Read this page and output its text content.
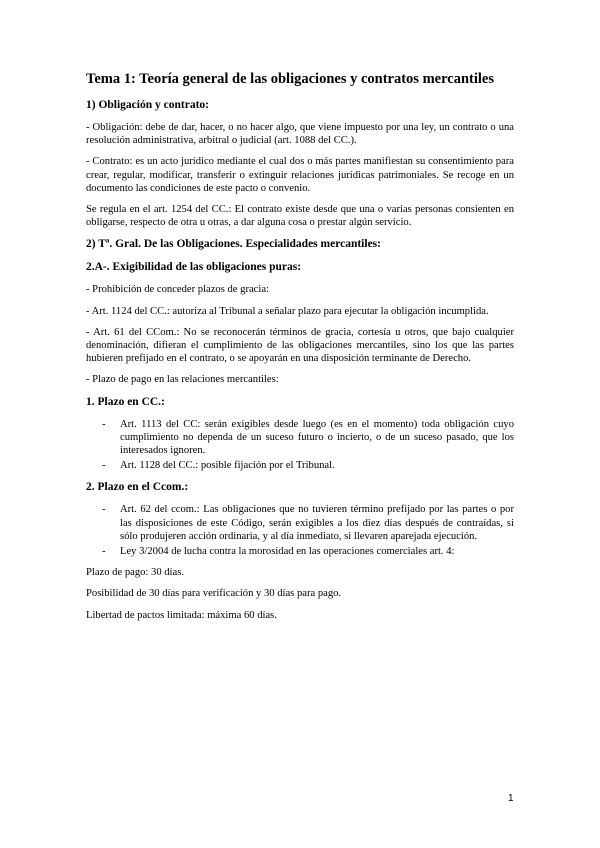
Tema 1: Teoría general de las obligaciones y contratos mercantiles
1) Obligación y contrato:

- Obligación: debe de dar, hacer, o no hacer algo, que viene impuesto por una ley, un contrato o una resolución administrativa, arbitral o judicial (art. 1088 del CC.).

- Contrato: es un acto jurídico mediante el cual dos o más partes manifiestan su consentimiento para crear, regular, modificar, transferir o extinguir relaciones jurídicas patrimoniales. Se recoge en un documento las condiciones de este pacto o convenio.

Se regula en el art. 1254 del CC.: El contrato existe desde que una o varias personas consienten en obligarse, respecto de otra u otras, a dar alguna cosa o prestar algún servicio.

2) Tª. Gral. De las Obligaciones. Especialidades mercantiles:
2.A-. Exigibilidad de las obligaciones puras:

- Prohibición de conceder plazos de gracia:

- Art. 1124 del CC.: autoriza al Tribunal a señalar plazo para ejecutar la obligación incumplida.

- Art. 61 del CCom.: No se reconocerán términos de gracia, cortesía u otros, que bajo cualquier denominación, difieran el cumplimiento de las obligaciones mercantiles, sino los que las partes hubieren prefijado en el contrato, o se apoyarán en una disposición terminante de Derecho.

- Plazo de pago en las relaciones mercantiles:

1. Plazo en CC.:
- Art. 1113 del CC: serán exigibles desde luego (es en el momento) toda obligación cuyo cumplimiento no dependa de un suceso futuro o incierto, o de un suceso pasado, que los interesados ignoren.
- Art. 1128 del CC.: posible fijación por el Tribunal.
2. Plazo en el Ccom.:
- Art. 62 del ccom.: Las obligaciones que no tuvieren término prefijado por las partes o por las disposiciones de este Código, serán exigibles a los diez días después de contraídas, si sólo produjeren acción ordinaria, y al día inmediato, si llevaren aparejada ejecución.
- Ley 3/2004 de lucha contra la morosidad en las operaciones comerciales art. 4:

Plazo de pago: 30 días.

Posibilidad de 30 días para verificación y 30 días para pago.

Libertad de pactos limitada: máxima 60 días.

1
